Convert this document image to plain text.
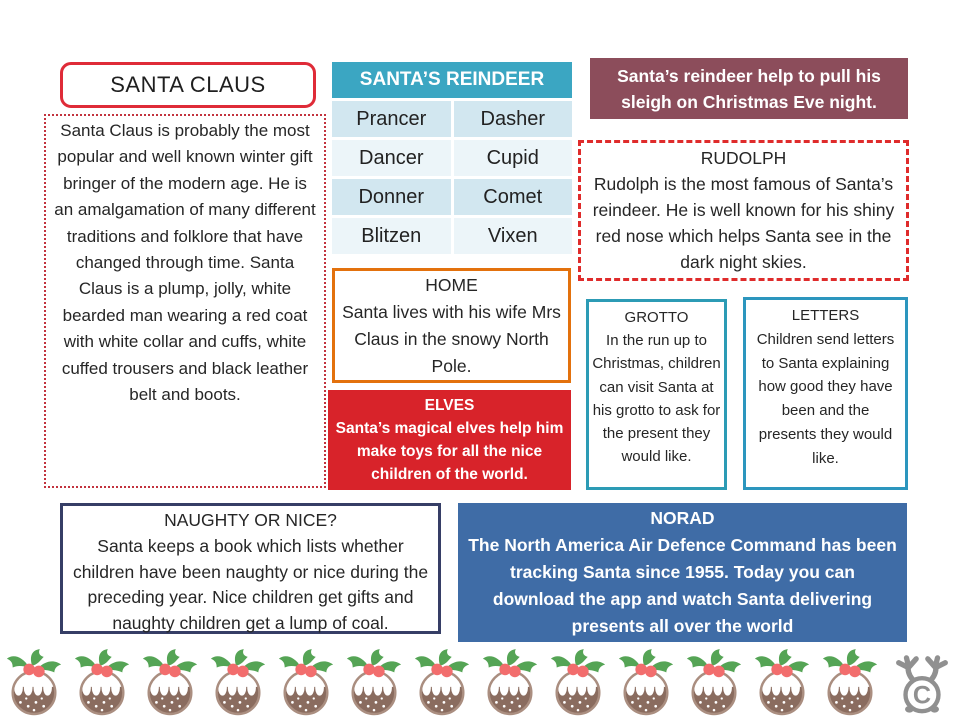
SANTA CLAUS
Santa Claus is probably the most popular and well known winter gift bringer of the modern age. He is an amalgamation of many different traditions and folklore that have changed through time. Santa Claus is a plump, jolly, white bearded man wearing a red coat with white collar and cuffs, white cuffed trousers and black leather belt and boots.
SANTA’S REINDEER
Prancer	Dasher
Dancer	Cupid
Donner	Comet
Blitzen	Vixen
Santa’s reindeer help to pull his sleigh on Christmas Eve night.
RUDOLPH
Rudolph is the most famous of Santa’s reindeer. He is well known for his shiny red nose which helps Santa see in the dark night skies.
HOME
Santa lives with his wife Mrs Claus in the snowy North Pole.
ELVES
Santa’s magical elves help him make toys for all the nice children of the world.
GROTTO
In the run up to Christmas, children can visit Santa at his grotto to ask for the present they would like.
LETTERS
Children send letters to Santa explaining how good they have been and the presents they would like.
NAUGHTY OR NICE?
Santa keeps a book which lists whether children have been naughty or nice during the preceding year. Nice children get gifts and naughty children get a lump of coal.
NORAD
The North America Air Defence Command has been tracking Santa since 1955. Today you can download the app and watch Santa delivering presents all over the world
